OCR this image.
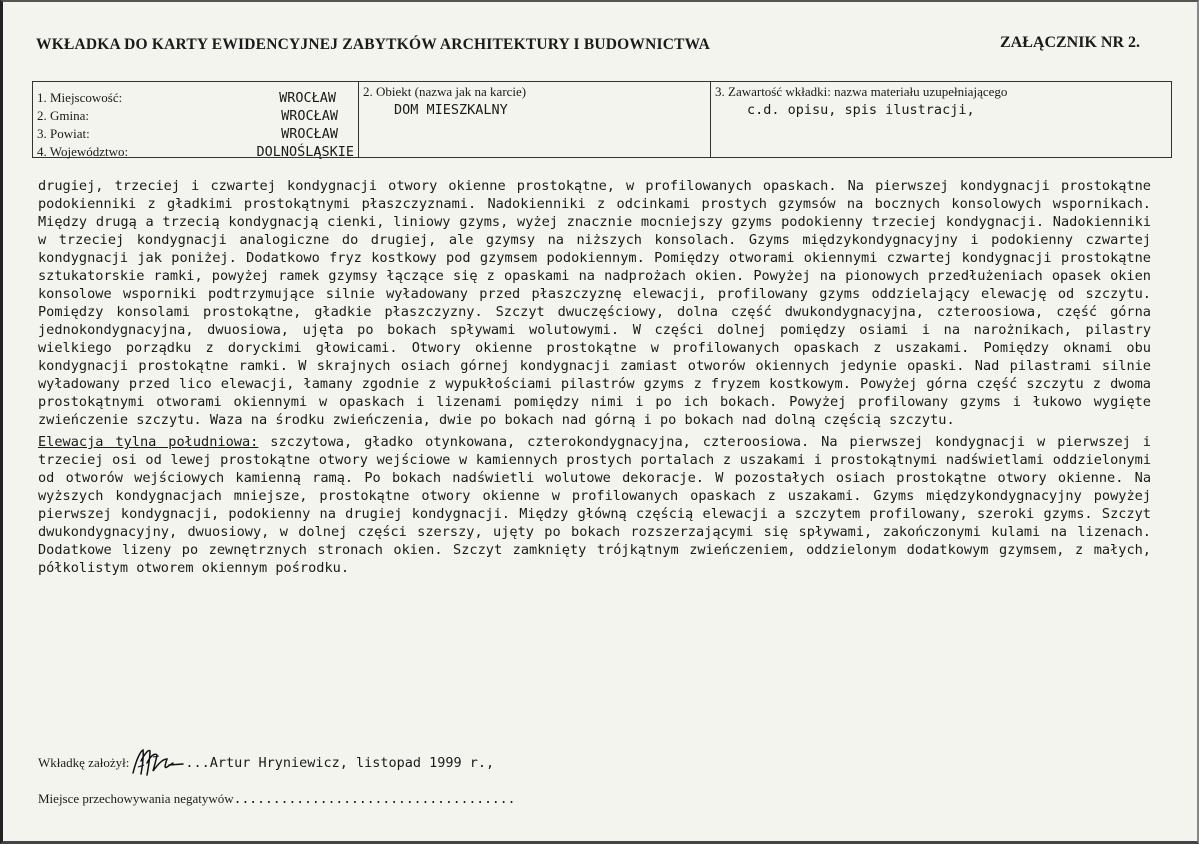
WKŁADKA DO KARTY EWIDENCYJNEJ ZABYTKÓW ARCHITEKTURY I BUDOWNICTWA	ZAŁĄCZNIK NR 2.
1. Miejscowość:	WROCŁAW
2. Gmina:	WROCŁAW
3. Powiat:	WROCŁAW
4. Województwo:	DOLNOŚLĄSKIE
2. Obiekt (nazwa jak na karcie)
DOM MIESZKALNY
3. Zawartość wkładki: nazwa materiału uzupełniającego
c.d. opisu, spis ilustracji,

drugiej, trzeciej i czwartej kondygnacji otwory okienne prostokątne, w profilowanych opaskach. Na pierwszej kondygnacji prostokątne podokienniki z gładkimi prostokątnymi płaszczyznami. Nadokienniki z odcinkami prostych gzymsów na bocznych konsolowych wspornikach. Między drugą a trzecią kondygnacją cienki, liniowy gzyms, wyżej znacznie mocniejszy gzyms podokienny trzeciej kondygnacji. Nadokienniki w trzeciej kondygnacji analogiczne do drugiej, ale gzymsy na niższych konsolach. Gzyms międzykondygnacyjny i podokienny czwartej kondygnacji jak poniżej. Dodatkowo fryz kostkowy pod gzymsem podokiennym. Pomiędzy otworami okiennymi czwartej kondygnacji prostokątne sztukatorskie ramki, powyżej ramek gzymsy łączące się z opaskami na nadprożach okien. Powyżej na pionowych przedłużeniach opasek okien konsolowe wsporniki podtrzymujące silnie wyładowany przed płaszczyznę elewacji, profilowany gzyms oddzielający elewację od szczytu. Pomiędzy konsolami prostokątne, gładkie płaszczyzny. Szczyt dwuczęściowy, dolna część dwukondygnacyjna, czteroosiowa, część górna jednokondygnacyjna, dwuosiowa, ujęta po bokach spływami wolutowymi. W części dolnej pomiędzy osiami i na narożnikach, pilastry wielkiego porządku z doryckimi głowicami. Otwory okienne prostokątne w profilowanych opaskach z uszakami. Pomiędzy oknami obu kondygnacji prostokątne ramki. W skrajnych osiach górnej kondygnacji zamiast otworów okiennych jedynie opaski. Nad pilastrami silnie wyładowany przed lico elewacji, łamany zgodnie z wypukłościami pilastrów gzyms z fryzem kostkowym. Powyżej górna część szczytu z dwoma prostokątnymi otworami okiennymi w opaskach i lizenami pomiędzy nimi i po ich bokach. Powyżej profilowany gzyms i łukowo wygięte zwieńczenie szczytu. Waza na środku zwieńczenia, dwie po bokach nad górną i po bokach nad dolną częścią szczytu.

Elewacja tylna południowa: szczytowa, gładko otynkowana, czterokondygnacyjna, czteroosiowa. Na pierwszej kondygnacji w pierwszej i trzeciej osi od lewej prostokątne otwory wejściowe w kamiennych prostych portalach z uszakami i prostokątnymi nadświetlami oddzielonymi od otworów wejściowych kamienną ramą. Po bokach nadświetli wolutowe dekoracje. W pozostałych osiach prostokątne otwory okienne. Na wyższych kondygnacjach mniejsze, prostokątne otwory okienne w profilowanych opaskach z uszakami. Gzyms międzykondygnacyjny powyżej pierwszej kondygnacji, podokienny na drugiej kondygnacji. Między główną częścią elewacji a szczytem profilowany, szeroki gzyms. Szczyt dwukondygnacyjny, dwuosiowy, w dolnej części szerszy, ujęty po bokach rozszerzającymi się spływami, zakończonymi kulami na lizenach. Dodatkowe lizeny po zewnętrznych stronach okien. Szczyt zamknięty trójkątnym zwieńczeniem, oddzielonym dodatkowym gzymsem, z małych, półkolistym otworem okiennym pośrodku.

Wkładkę założył:	...Artur Hryniewicz, listopad 1999 r.,
Miejsce przechowywania negatywów....................................
